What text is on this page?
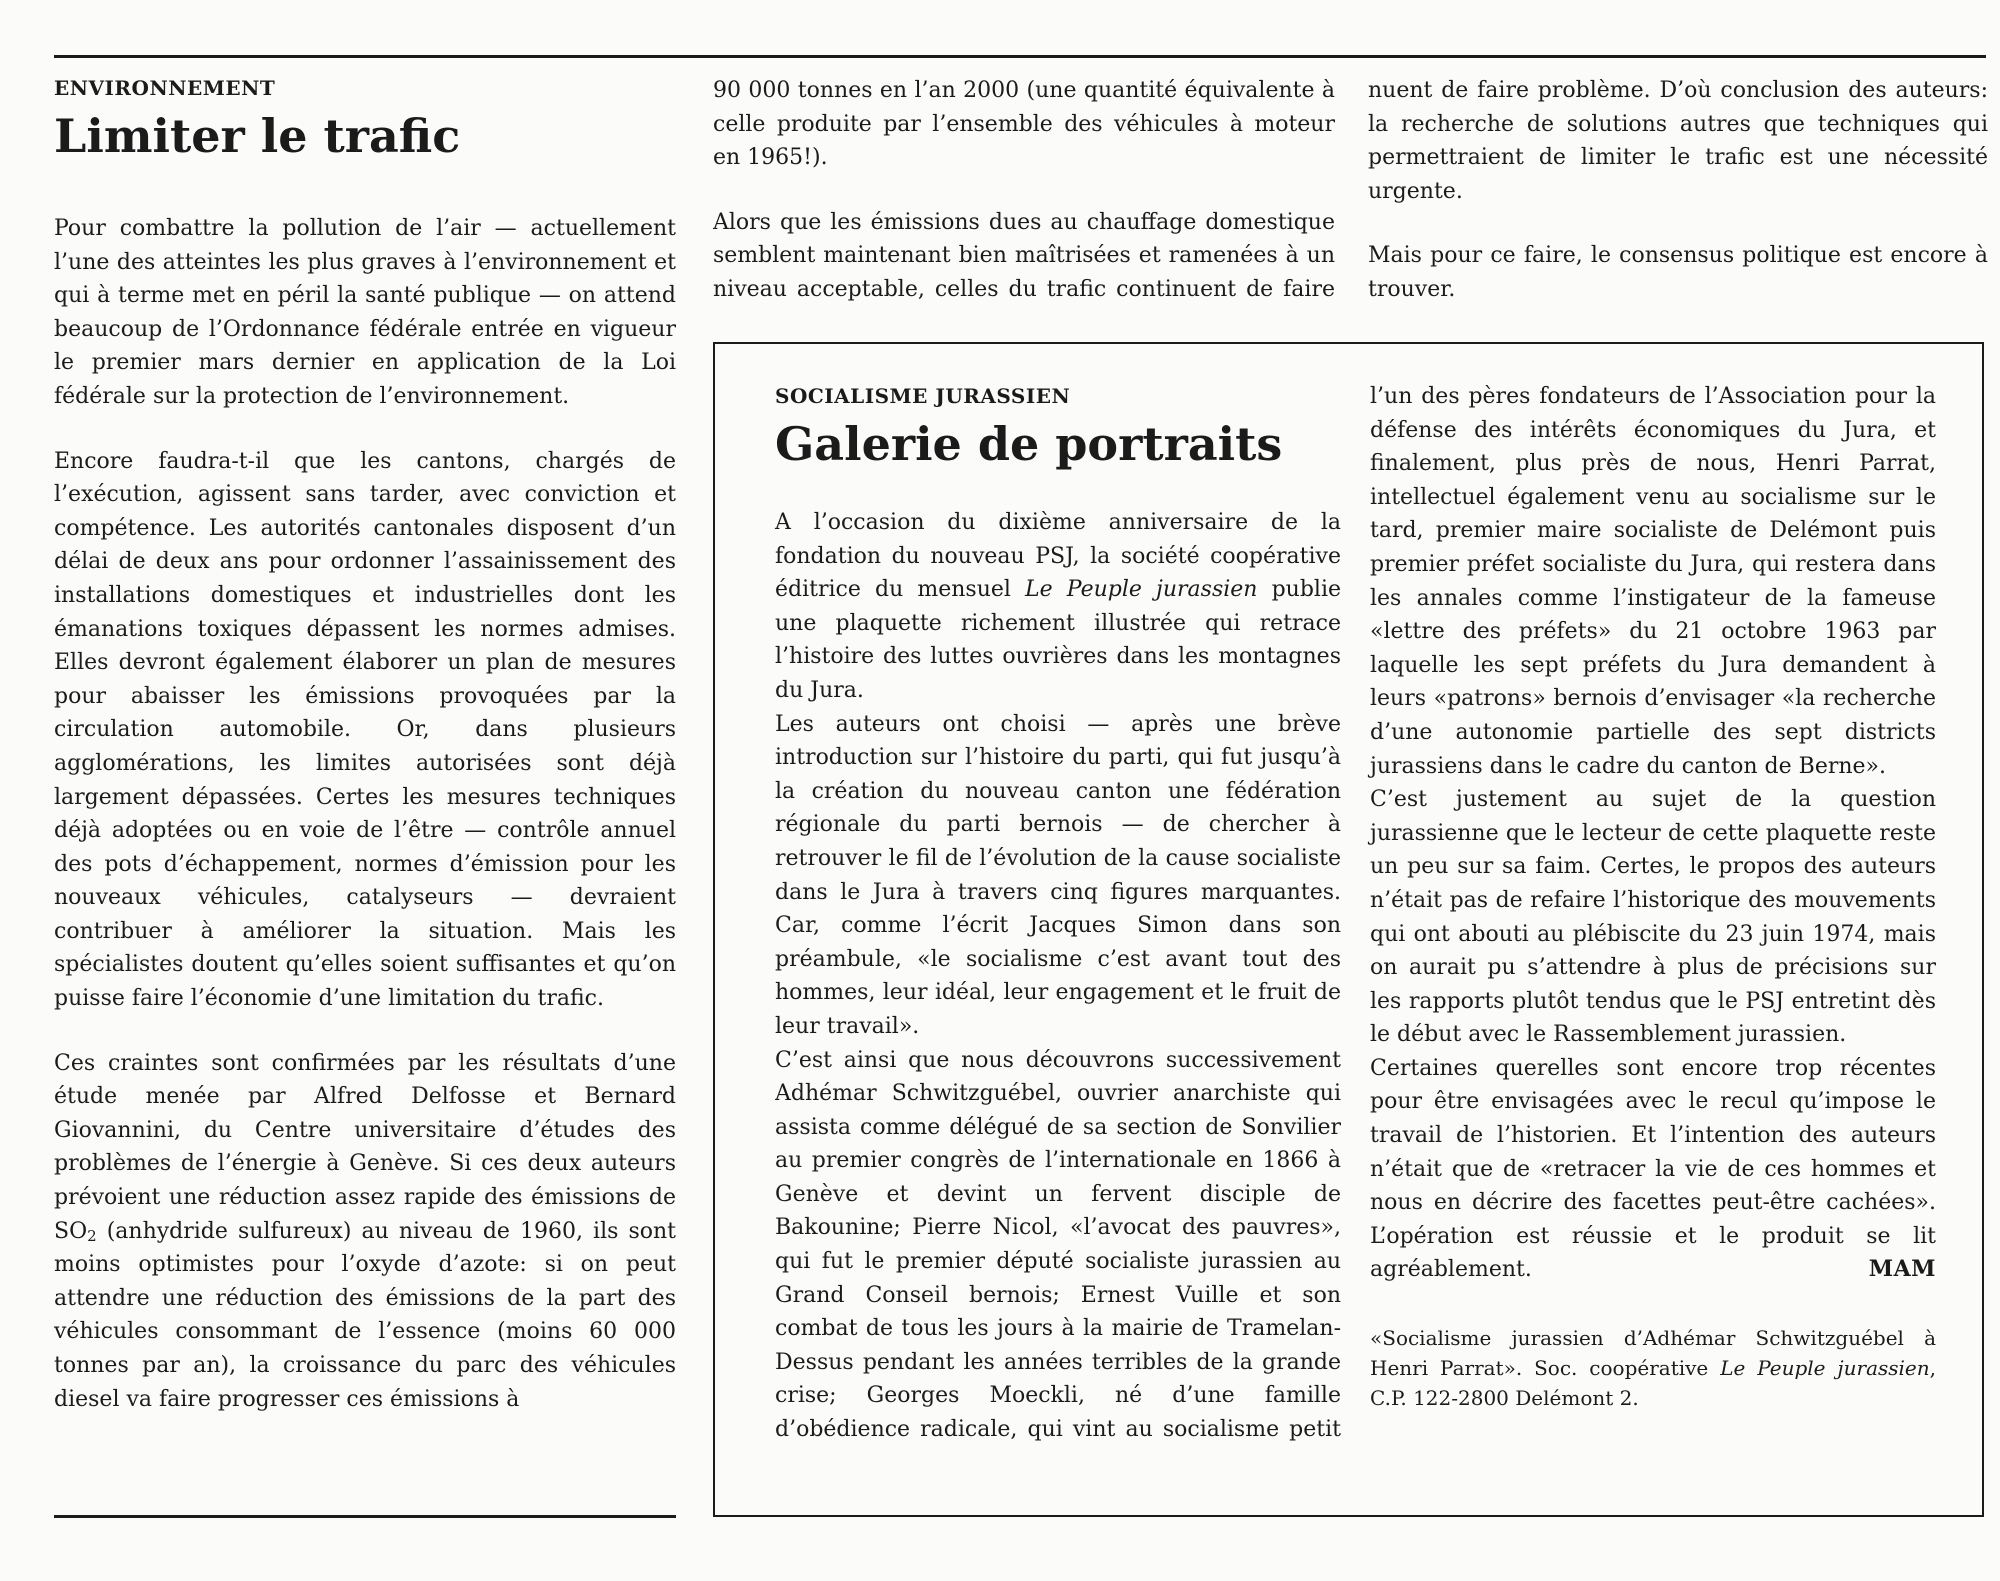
ENVIRONNEMENT
Limiter le trafic

Pour combattre la pollution de l’air — actuellement l’une des atteintes les plus graves à l’environnement et qui à terme met en péril la santé publique — on attend beaucoup de l’Ordonnance fédérale entrée en vigueur le premier mars dernier en application de la Loi fédérale sur la protection de l’environnement.

Encore faudra-t-il que les cantons, chargés de l’exécution, agissent sans tarder, avec conviction et compétence. Les autorités cantonales disposent d’un délai de deux ans pour ordonner l’assainissement des installations domestiques et industrielles dont les émanations toxiques dépassent les normes admises. Elles devront également élaborer un plan de mesures pour abaisser les émissions provoquées par la circulation automobile. Or, dans plusieurs agglomérations, les limites autorisées sont déjà largement dépassées. Certes les mesures techniques déjà adoptées ou en voie de l’être — contrôle annuel des pots d’échappement, normes d’émission pour les nouveaux véhicules, catalyseurs — devraient contribuer à améliorer la situation. Mais les spécialistes doutent qu’elles soient suffisantes et qu’on puisse faire l’économie d’une limitation du trafic.

Ces craintes sont confirmées par les résultats d’une étude menée par Alfred Delfosse et Bernard Giovannini, du Centre universitaire d’études des problèmes de l’énergie à Genève. Si ces deux auteurs prévoient une réduction assez rapide des émissions de $SO_2$ (anhydride sulfureux) au niveau de 1960, ils sont moins optimistes pour l’oxyde d’azote: si on peut attendre une réduction des émissions de la part des véhicules consommant de l’essence (moins 60 000 tonnes par an), la croissance du parc des véhicules diesel va faire progresser ces émissions à

90 000 tonnes en l’an 2000 (une quantité équivalente à celle produite par l’ensemble des véhicules à moteur en 1965!).

Alors que les émissions dues au chauffage domestique semblent maintenant bien maîtrisées et ramenées à un niveau acceptable, celles du trafic continuent de faire

nuent de faire problème. D’où conclusion des auteurs: la recherche de solutions autres que techniques qui permettraient de limiter le trafic est une nécessité urgente.

Mais pour ce faire, le consensus politique est encore à trouver.

SOCIALISME JURASSIEN
Galerie de portraits

A l’occasion du dixième anniversaire de la fondation du nouveau PSJ, la société coopérative éditrice du mensuel Le Peuple jurassien publie une plaquette richement illustrée qui retrace l’histoire des luttes ouvrières dans les montagnes du Jura.

Les auteurs ont choisi — après une brève introduction sur l’histoire du parti, qui fut jusqu’à la création du nouveau canton une fédération régionale du parti bernois — de chercher à retrouver le fil de l’évolution de la cause socialiste dans le Jura à travers cinq figures marquantes. Car, comme l’écrit Jacques Simon dans son préambule, «le socialisme c’est avant tout des hommes, leur idéal, leur engagement et le fruit de leur travail».

C’est ainsi que nous découvrons successivement Adhémar Schwitzguébel, ouvrier anarchiste qui assista comme délégué de sa section de Sonvilier au premier congrès de l’internationale en 1866 à Genève et devint un fervent disciple de Bakounine; Pierre Nicol, «l’avocat des pauvres», qui fut le premier député socialiste jurassien au Grand Conseil bernois; Ernest Vuille et son combat de tous les jours à la mairie de Tramelan-Dessus pendant les années terribles de la grande crise; Georges Moeckli, né d’une famille d’obédience radicale, qui vint au socialisme petit

l’un des pères fondateurs de l’Association pour la défense des intérêts économiques du Jura, et finalement, plus près de nous, Henri Parrat, intellectuel également venu au socialisme sur le tard, premier maire socialiste de Delémont puis premier préfet socialiste du Jura, qui restera dans les annales comme l’instigateur de la fameuse «lettre des préfets» du 21 octobre 1963 par laquelle les sept préfets du Jura demandent à leurs «patrons» bernois d’envisager «la recherche d’une autonomie partielle des sept districts jurassiens dans le cadre du canton de Berne».

C’est justement au sujet de la question jurassienne que le lecteur de cette plaquette reste un peu sur sa faim. Certes, le propos des auteurs n’était pas de refaire l’historique des mouvements qui ont abouti au plébiscite du 23 juin 1974, mais on aurait pu s’attendre à plus de précisions sur les rapports plutôt tendus que le PSJ entretint dès le début avec le Rassemblement jurassien.

Certaines querelles sont encore trop récentes pour être envisagées avec le recul qu’impose le travail de l’historien. Et l’intention des auteurs n’était que de «retracer la vie de ces hommes et nous en décrire des facettes peut-être cachées». L’opération est réussie et le produit se lit agréablement.	MAM

«Socialisme jurassien d’Adhémar Schwitzguébel à Henri Parrat». Soc. coopérative Le Peuple jurassien, C.P. 122-2800 Delémont 2.
